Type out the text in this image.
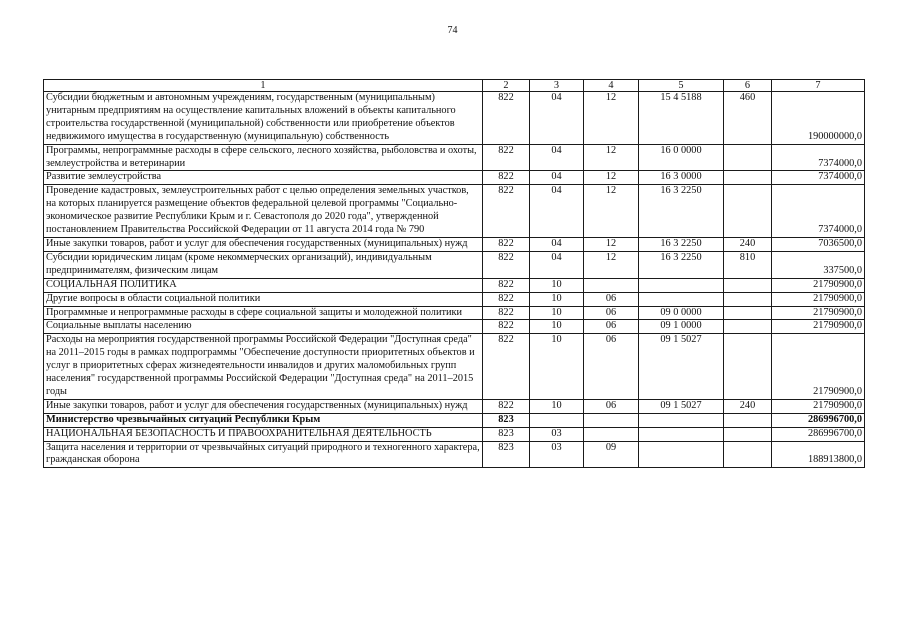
74
1	2	3	4	5	6	7
Субсидии бюджетным и автономным учреждениям, государственным (муниципальным) унитарным предприятиям на осуществление капитальных вложений в объекты капитального строительства государственной (муниципальной) собственности или приобретение объектов недвижимого имущества в государственную (муниципальную) собственность	822	04	12	15 4 5188	460	190000000,0
Программы, непрограммные расходы в сфере сельского, лесного хозяйства, рыболовства и охоты, землеустройства и ветеринарии	822	04	12	16 0 0000		7374000,0
Развитие землеустройства	822	04	12	16 3 0000		7374000,0
Проведение кадастровых, землеустроительных работ с целью определения земельных участков, на которых планируется размещение объектов федеральной целевой программы "Социально-экономическое развитие Республики Крым и г. Севастополя до 2020 года", утвержденной постановлением Правительства Российской Федерации от 11 августа 2014 года № 790	822	04	12	16 3 2250		7374000,0
Иные закупки товаров, работ и услуг для обеспечения государственных (муниципальных) нужд	822	04	12	16 3 2250	240	7036500,0
Субсидии юридическим лицам (кроме некоммерческих организаций), индивидуальным предпринимателям, физическим лицам	822	04	12	16 3 2250	810	337500,0
СОЦИАЛЬНАЯ ПОЛИТИКА	822	10				21790900,0
Другие вопросы в области социальной политики	822	10	06			21790900,0
Программные и непрограммные расходы в сфере социальной защиты и молодежной политики	822	10	06	09 0 0000		21790900,0
Социальные выплаты населению	822	10	06	09 1 0000		21790900,0
Расходы на мероприятия государственной программы Российской Федерации "Доступная среда" на 2011–2015 годы в рамках подпрограммы "Обеспечение доступности приоритетных объектов и услуг в приоритетных сферах жизнедеятельности инвалидов и других маломобильных групп населения" государственной программы Российской Федерации "Доступная среда" на 2011–2015 годы	822	10	06	09 1 5027		21790900,0
Иные закупки товаров, работ и услуг для обеспечения государственных (муниципальных) нужд	822	10	06	09 1 5027	240	21790900,0
Министерство чрезвычайных ситуаций Республики Крым	823					286996700,0
НАЦИОНАЛЬНАЯ БЕЗОПАСНОСТЬ И ПРАВООХРАНИТЕЛЬНАЯ ДЕЯТЕЛЬНОСТЬ	823	03				286996700,0
Защита населения и территории от чрезвычайных ситуаций природного и техногенного характера, гражданская оборона	823	03	09			188913800,0
